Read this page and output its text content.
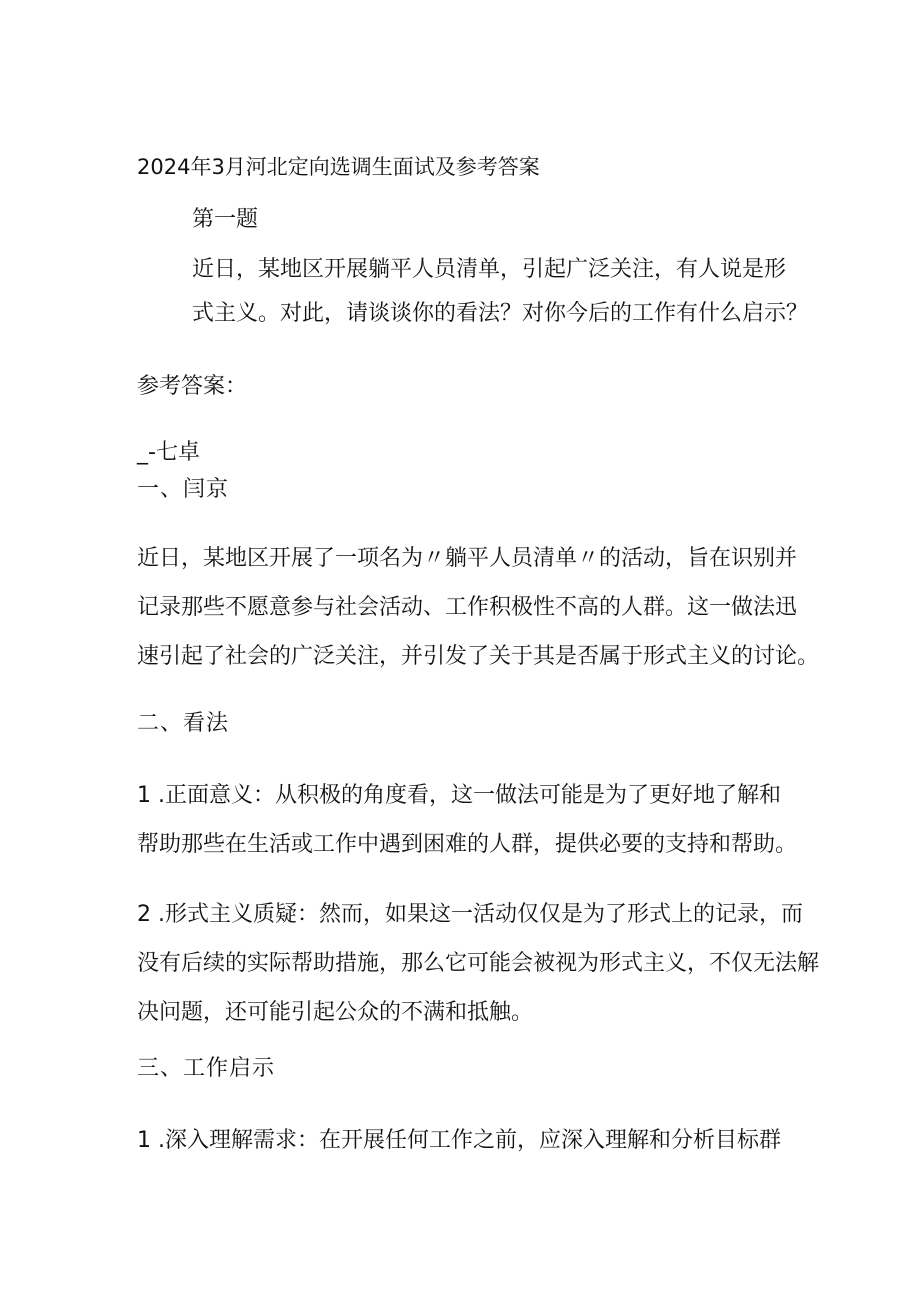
2024年3月河北定向选调生面试及参考答案
第一题
近日，某地区开展躺平人员清单，引起广泛关注，有人说是形
式主义。对此，请谈谈你的看法？对你今后的工作有什么启示？
参考答案：
_-七卓
一、闫京
近日，某地区开展了一项名为〃躺平人员清单〃的活动，旨在识别并
记录那些不愿意参与社会活动、工作积极性不高的人群。这一做法迅
速引起了社会的广泛关注，并引发了关于其是否属于形式主义的讨论。
二、看法
1 .正面意义：从积极的角度看，这一做法可能是为了更好地了解和
帮助那些在生活或工作中遇到困难的人群，提供必要的支持和帮助。
2 .形式主义质疑：然而，如果这一活动仅仅是为了形式上的记录，而
没有后续的实际帮助措施，那么它可能会被视为形式主义，不仅无法解
决问题，还可能引起公众的不满和抵触。
三、工作启示
1 .深入理解需求：在开展任何工作之前，应深入理解和分析目标群
